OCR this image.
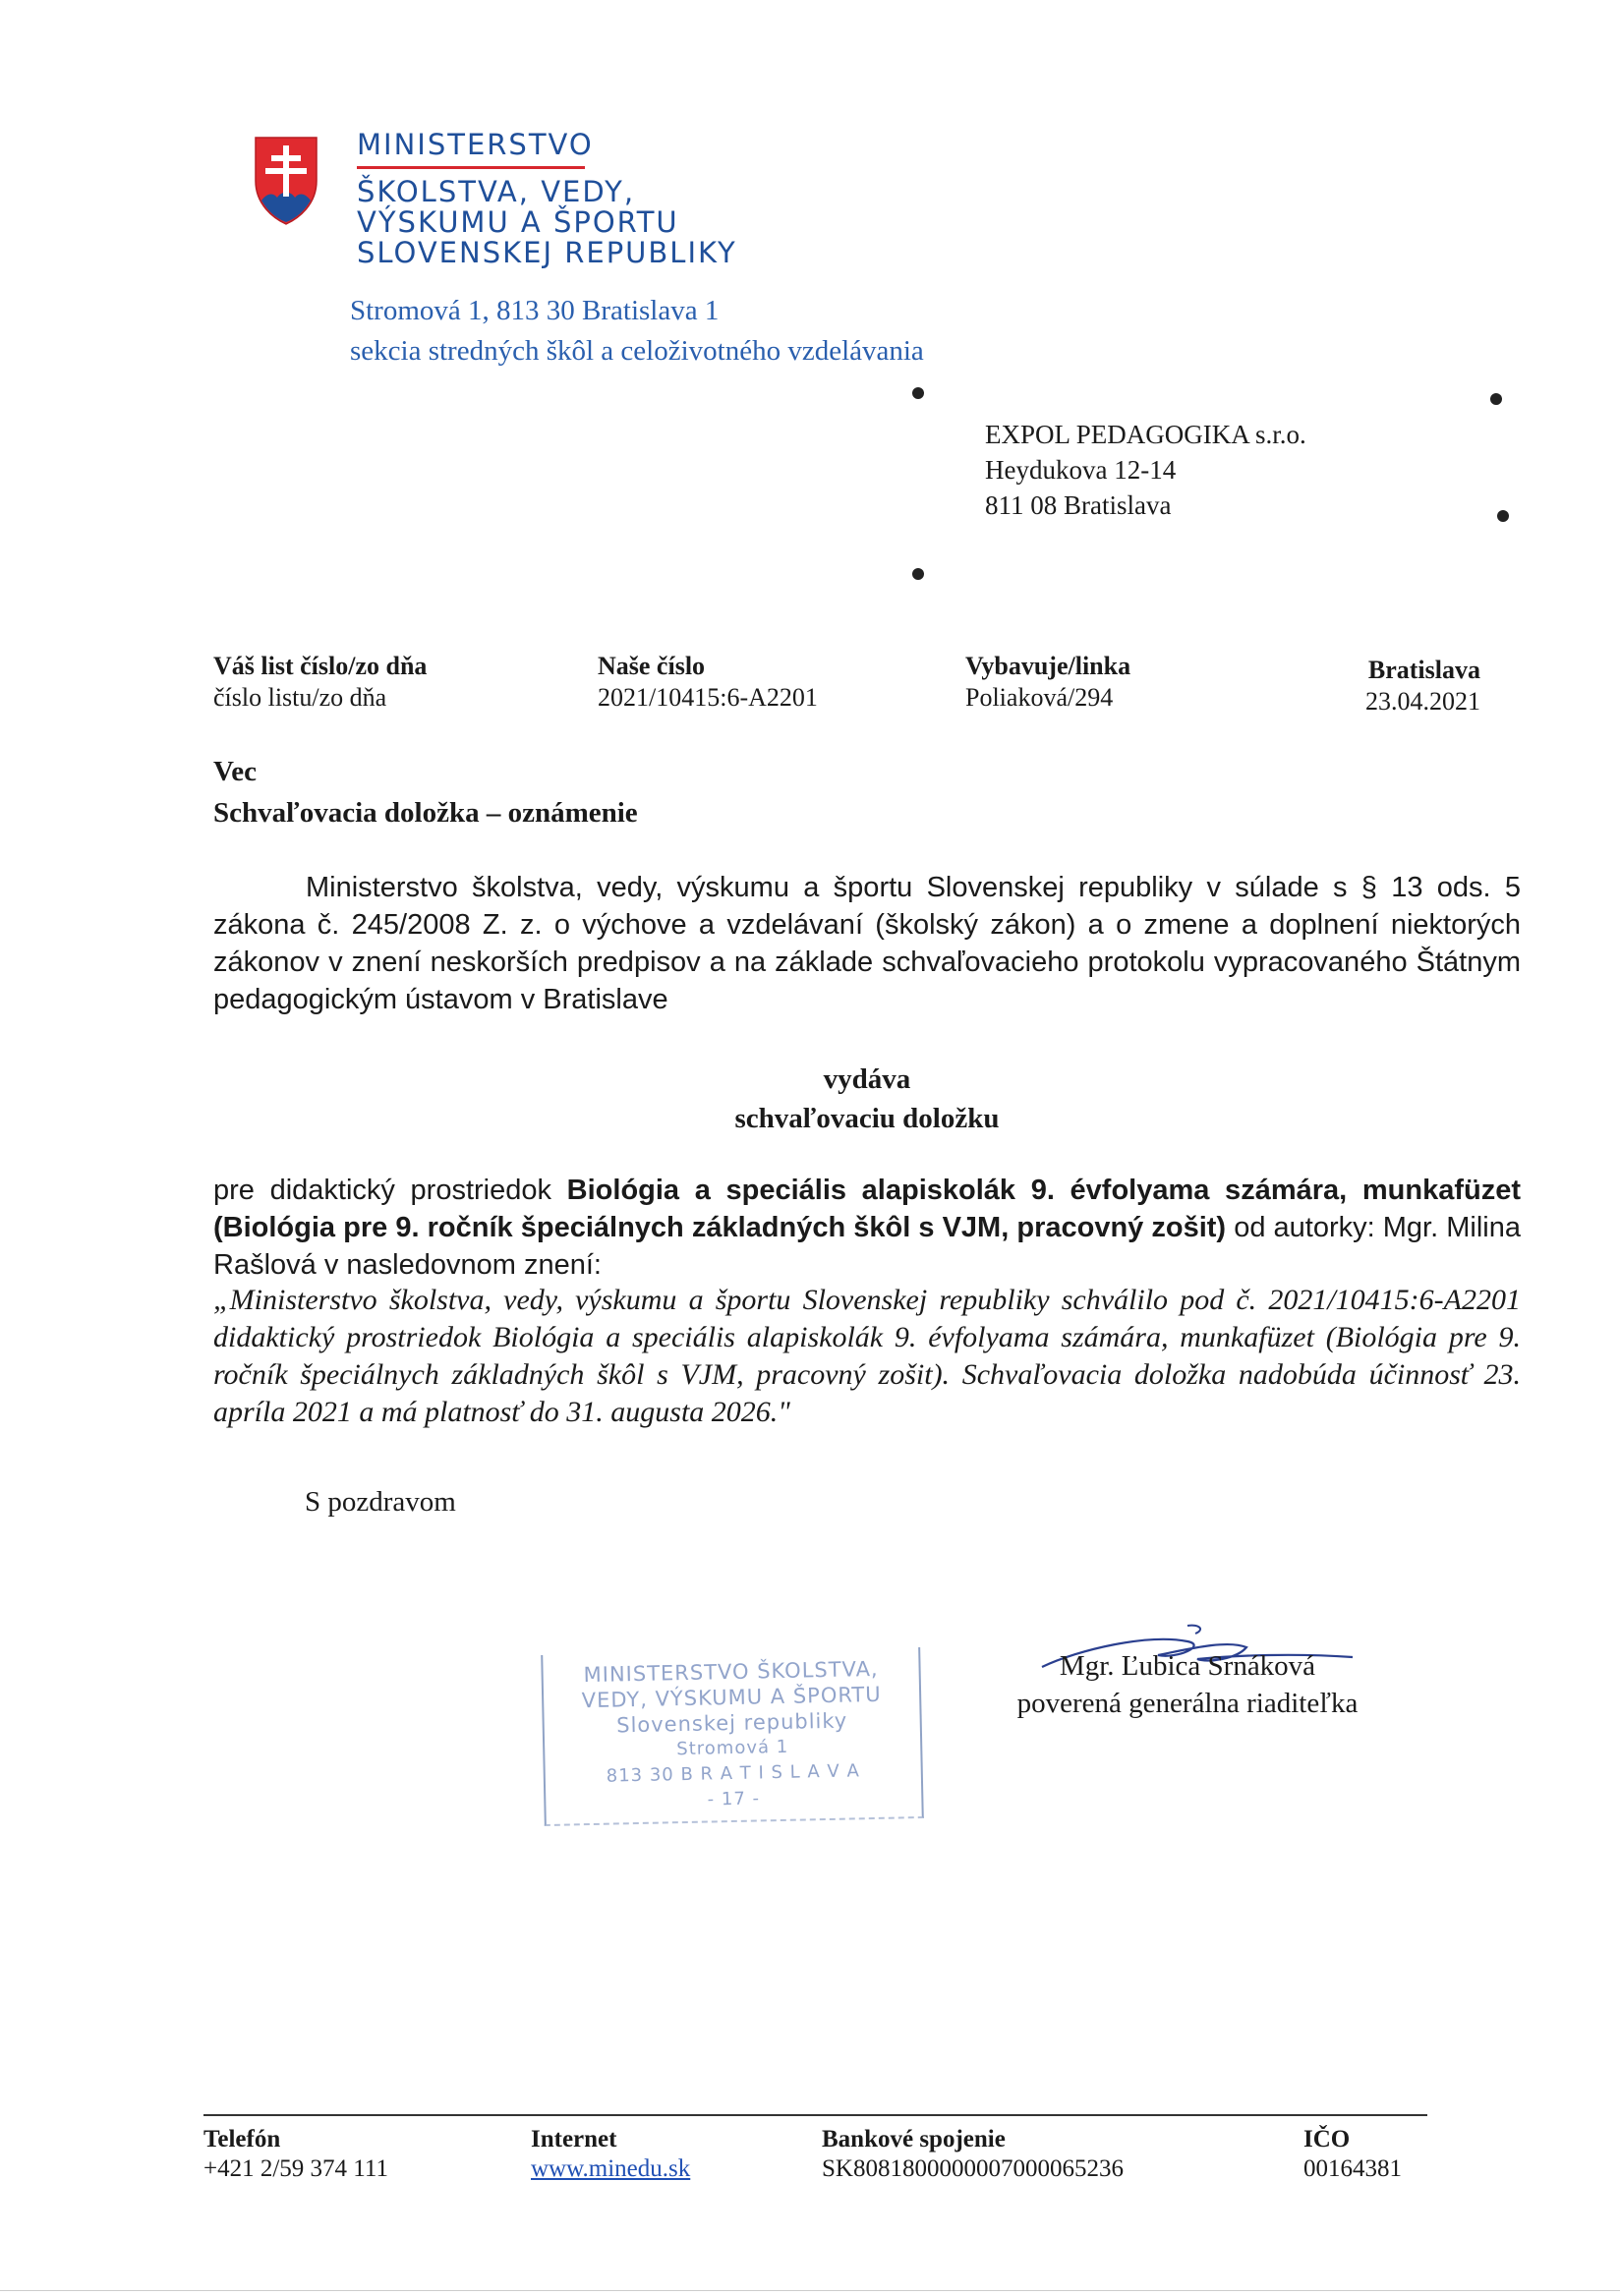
MINISTERSTVO
ŠKOLSTVA, VEDY,
VÝSKUMU A ŠPORTU
SLOVENSKEJ REPUBLIKY
Stromová 1, 813 30 Bratislava 1
sekcia stredných škôl a celoživotného vzdelávania
EXPOL PEDAGOGIKA s.r.o.
Heydukova 12-14
811 08 Bratislava
Váš list číslo/zo dňa
číslo listu/zo dňa
Naše číslo
2021/10415:6-A2201
Vybavuje/linka
Poliaková/294
Bratislava
23.04.2021
Vec
Schvaľovacia doložka – oznámenie
Ministerstvo školstva, vedy, výskumu a športu Slovenskej republiky v súlade s § 13 ods. 5 zákona č. 245/2008 Z. z. o výchove a vzdelávaní (školský zákon) a o zmene a doplnení niektorých zákonov v znení neskorších predpisov a na základe schvaľovacieho protokolu vypracovaného Štátnym pedagogickým ústavom v Bratislave
vydáva
schvaľovaciu doložku
pre didaktický prostriedok Biológia a speciális alapiskolák 9. évfolyama számára, munkafüzet (Biológia pre 9. ročník špeciálnych základných škôl s VJM, pracovný zošit) od autorky: Mgr. Milina Rašlová v nasledovnom znení:
„Ministerstvo školstva, vedy, výskumu a športu Slovenskej republiky schválilo pod č. 2021/10415:6-A2201 didaktický prostriedok Biológia a speciális alapiskolák 9. évfolyama számára, munkafüzet (Biológia pre 9. ročník špeciálnych základných škôl s VJM, pracovný zošit). Schvaľovacia doložka nadobúda účinnosť 23. apríla 2021 a má platnosť do 31. augusta 2026."
S pozdravom
MINISTERSTVO ŠKOLSTVA,
VEDY, VÝSKUMU A ŠPORTU
Slovenskej republiky
Stromová 1
813 30 B R A T I S L A V A
- 17 -
Mgr. Ľubica Srnáková
poverená generálna riaditeľka
Telefón
+421 2/59 374 111
Internet
www.minedu.sk
Bankové spojenie
SK8081800000007000065236
IČO
00164381
